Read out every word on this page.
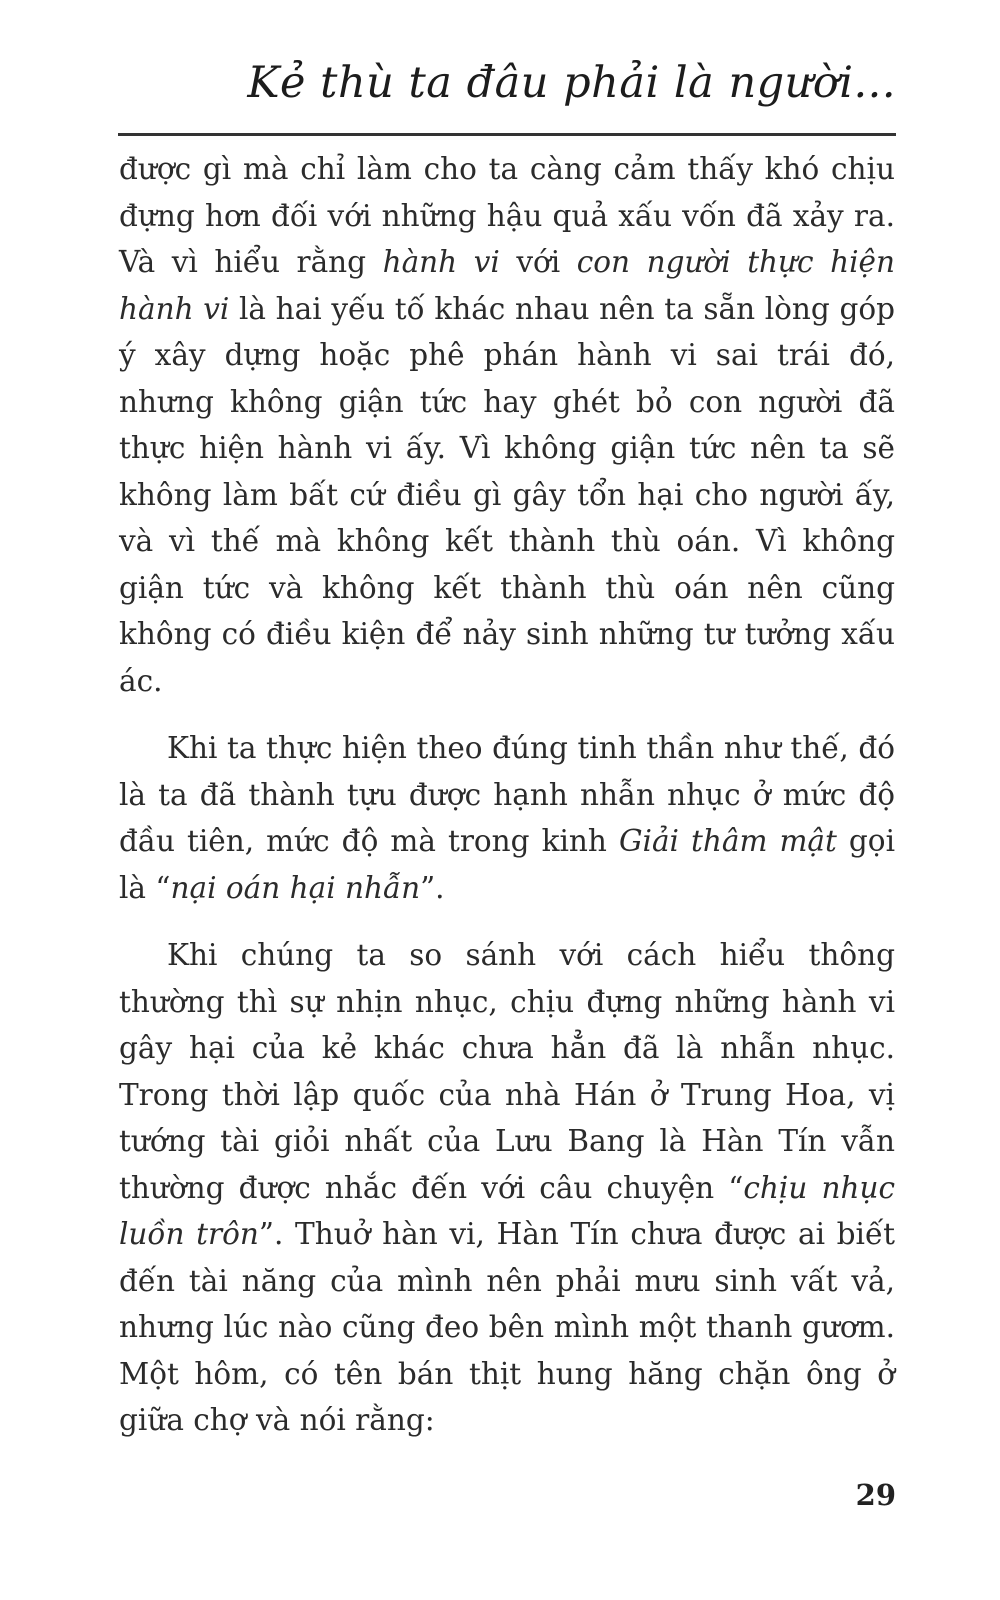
Kẻ thù ta đâu phải là người...

được gì mà chỉ làm cho ta càng cảm thấy khó chịu đựng hơn đối với những hậu quả xấu vốn đã xảy ra. Và vì hiểu rằng hành vi với con người thực hiện hành vi là hai yếu tố khác nhau nên ta sẵn lòng góp ý xây dựng hoặc phê phán hành vi sai trái đó, nhưng không giận tức hay ghét bỏ con người đã thực hiện hành vi ấy. Vì không giận tức nên ta sẽ không làm bất cứ điều gì gây tổn hại cho người ấy, và vì thế mà không kết thành thù oán. Vì không giận tức và không kết thành thù oán nên cũng không có điều kiện để nảy sinh những tư tưởng xấu ác.

Khi ta thực hiện theo đúng tinh thần như thế, đó là ta đã thành tựu được hạnh nhẫn nhục ở mức độ đầu tiên, mức độ mà trong kinh Giải thâm mật gọi là “nại oán hại nhẫn”.

Khi chúng ta so sánh với cách hiểu thông thường thì sự nhịn nhục, chịu đựng những hành vi gây hại của kẻ khác chưa hẳn đã là nhẫn nhục. Trong thời lập quốc của nhà Hán ở Trung Hoa, vị tướng tài giỏi nhất của Lưu Bang là Hàn Tín vẫn thường được nhắc đến với câu chuyện “chịu nhục luồn trôn”. Thuở hàn vi, Hàn Tín chưa được ai biết đến tài năng của mình nên phải mưu sinh vất vả, nhưng lúc nào cũng đeo bên mình một thanh gươm. Một hôm, có tên bán thịt hung hăng chặn ông ở giữa chợ và nói rằng:

29
